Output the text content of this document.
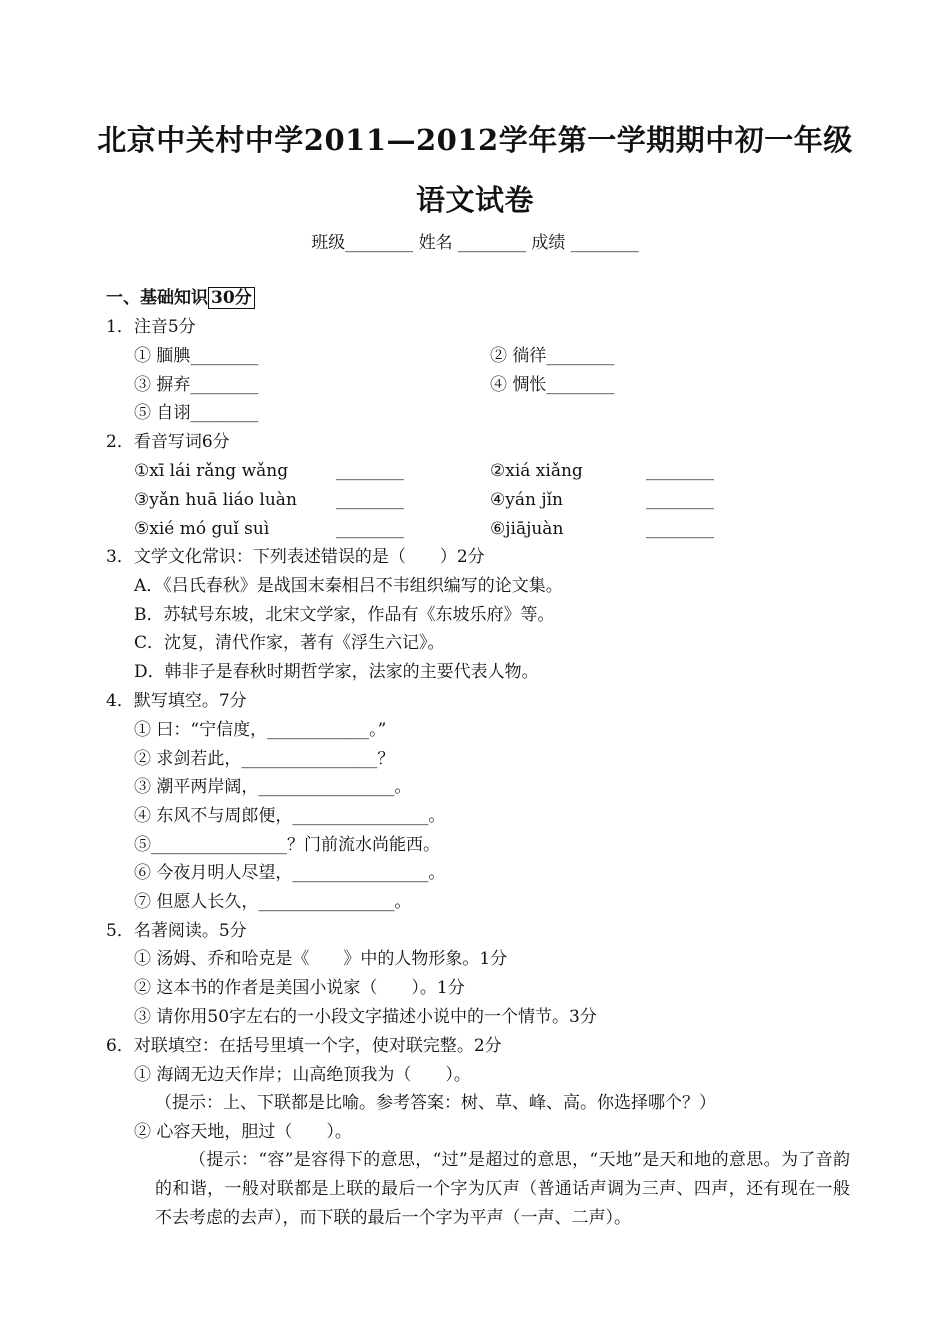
北京中关村中学2011—2012学年第一学期期中初一年级
语文试卷
班级________ 姓名 ________ 成绩 ________
一、基础知识 30分
1．注音5分
① 腼腆________	② 徜徉________
③ 摒弃________	④ 惆怅________
⑤ 自诩________
2．看音写词6分
①xī lái rǎng wǎng	________	②xiá xiǎng	________
③yǎn huā liáo luàn ________	④yán jǐn	________
⑤xié mó guǐ suì	________	⑥jiājuàn	________
3．文学文化常识：下列表述错误的是（　　）2分
A．《吕氏春秋》是战国末秦相吕不韦组织编写的论文集。
B．苏轼号东坡，北宋文学家，作品有《东坡乐府》等。
C．沈复，清代作家，著有《浮生六记》。
D．韩非子是春秋时期哲学家，法家的主要代表人物。
4．默写填空。7分
① 曰：“宁信度，____________。”
② 求剑若此，________________？
③ 潮平两岸阔，________________。
④ 东风不与周郎便，________________。
⑤________________？门前流水尚能西。
⑥ 今夜月明人尽望，________________。
⑦ 但愿人长久，________________。
5．名著阅读。5分
① 汤姆、乔和哈克是《　　》中的人物形象。1分
② 这本书的作者是美国小说家（　　）。1分
③ 请你用50字左右的一小段文字描述小说中的一个情节。3分
6．对联填空：在括号里填一个字，使对联完整。2分
① 海阔无边天作岸；山高绝顶我为（　　）。
（提示：上、下联都是比喻。参考答案：树、草、峰、高。你选择哪个？）
② 心容天地，胆过（　　）。
（提示：“容”是容得下的意思，“过”是超过的意思，“天地”是天和地的意思。为了音韵的和谐，一般对联都是上联的最后一个字为仄声（普通话声调为三声、四声，还有现在一般不去考虑的去声），而下联的最后一个字为平声（一声、二声）。
